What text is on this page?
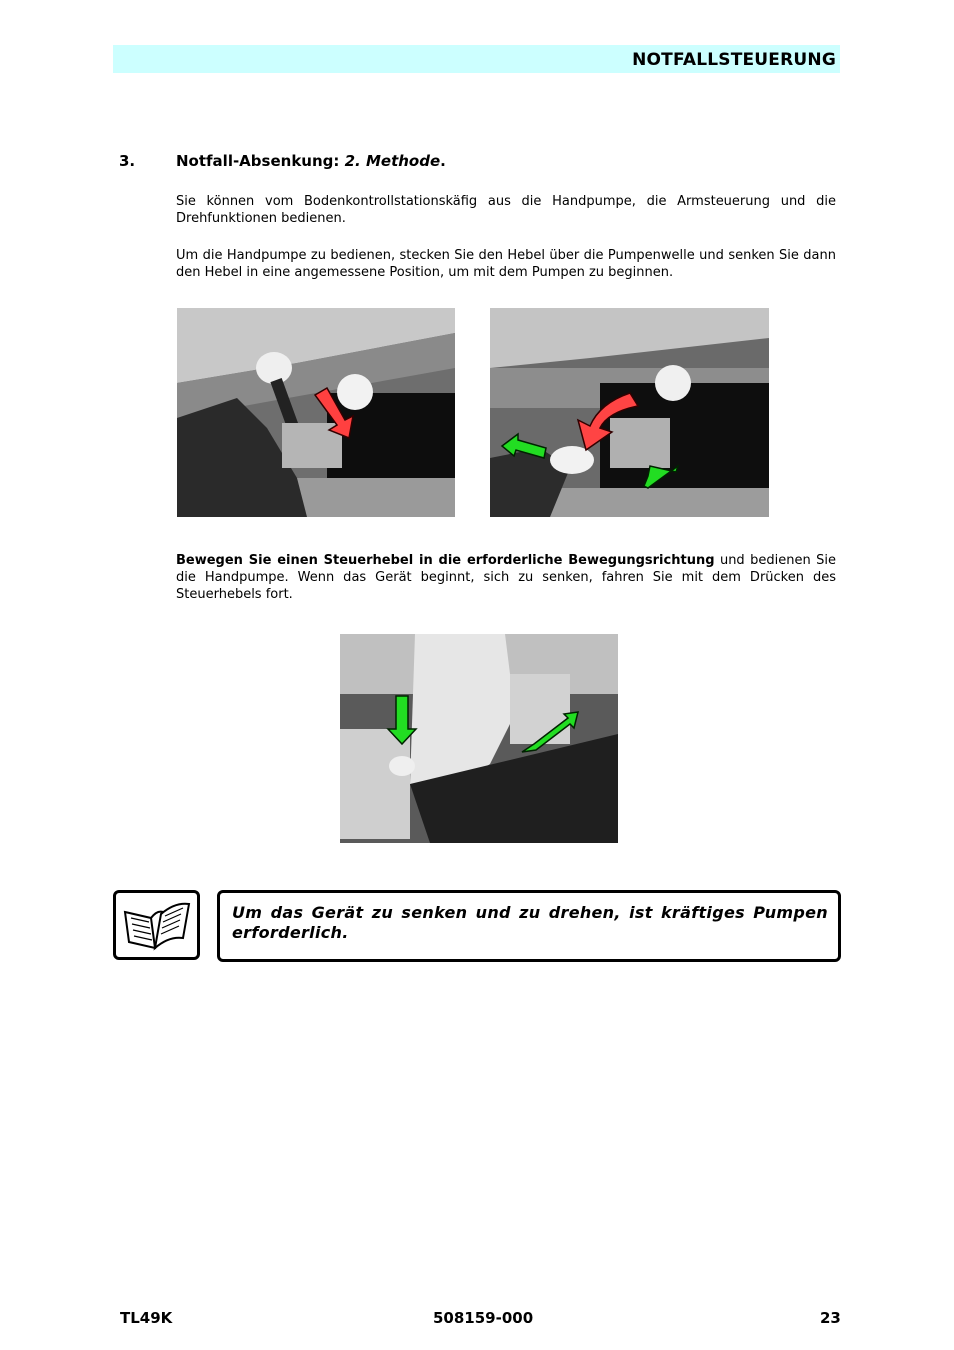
NOTFALLSTEUERUNG
3.	Notfall-Absenkung: 2. Methode.

Sie können vom Bodenkontrollstationskäfig aus die Handpumpe, die Armsteuerung und die Drehfunktionen bedienen.

Um die Handpumpe zu bedienen, stecken Sie den Hebel über die Pumpenwelle und senken Sie dann den Hebel in eine angemessene Position, um mit dem Pumpen zu beginnen.

Bewegen Sie einen Steuerhebel in die erforderliche Bewegungsrichtung und bedienen Sie die Handpumpe. Wenn das Gerät beginnt, sich zu senken, fahren Sie mit dem Drücken des Steuerhebels fort.

Um das Gerät zu senken und zu drehen, ist kräftiges Pumpen erforderlich.
TL49K	508159-000	23
